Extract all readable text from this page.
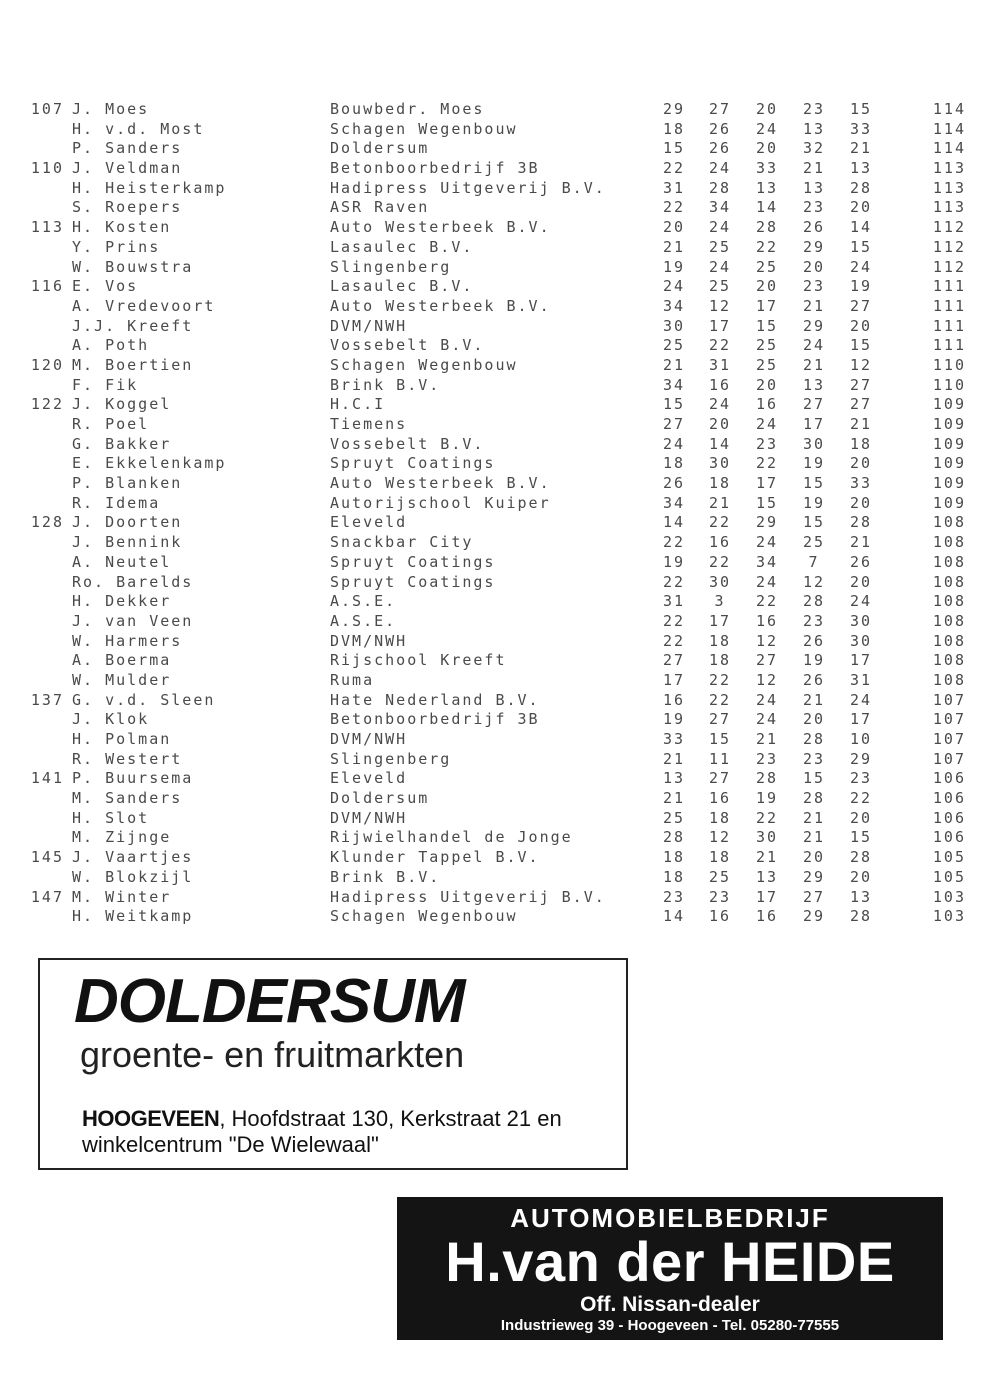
107 J. Moes	Bouwbedr. Moes	29	27	20	23	15	114
H. v.d. Most	Schagen Wegenbouw	18	26	24	13	33	114
P. Sanders	Doldersum	15	26	20	32	21	114
110 J. Veldman	Betonboorbedrijf 3B	22	24	33	21	13	113
H. Heisterkamp	Hadipress Uitgeverij B.V.	31	28	13	13	28	113
S. Roepers	ASR Raven	22	34	14	23	20	113
113 H. Kosten	Auto Westerbeek B.V.	20	24	28	26	14	112
Y. Prins	Lasaulec B.V.	21	25	22	29	15	112
W. Bouwstra	Slingenberg	19	24	25	20	24	112
116 E. Vos	Lasaulec B.V.	24	25	20	23	19	111
A. Vredevoort	Auto Westerbeek B.V.	34	12	17	21	27	111
J.J. Kreeft	DVM/NWH	30	17	15	29	20	111
A. Poth	Vossebelt B.V.	25	22	25	24	15	111
120 M. Boertien	Schagen Wegenbouw	21	31	25	21	12	110
F. Fik	Brink B.V.	34	16	20	13	27	110
122 J. Koggel	H.C.I	15	24	16	27	27	109
R. Poel	Tiemens	27	20	24	17	21	109
G. Bakker	Vossebelt B.V.	24	14	23	30	18	109
E. Ekkelenkamp	Spruyt Coatings	18	30	22	19	20	109
P. Blanken	Auto Westerbeek B.V.	26	18	17	15	33	109
R. Idema	Autorijschool Kuiper	34	21	15	19	20	109
128 J. Doorten	Eleveld	14	22	29	15	28	108
J. Bennink	Snackbar City	22	16	24	25	21	108
A. Neutel	Spruyt Coatings	19	22	34	7	26	108
Ro. Barelds	Spruyt Coatings	22	30	24	12	20	108
H. Dekker	A.S.E.	31	3	22	28	24	108
J. van Veen	A.S.E.	22	17	16	23	30	108
W. Harmers	DVM/NWH	22	18	12	26	30	108
A. Boerma	Rijschool Kreeft	27	18	27	19	17	108
W. Mulder	Ruma	17	22	12	26	31	108
137 G. v.d. Sleen	Hate Nederland B.V.	16	22	24	21	24	107
J. Klok	Betonboorbedrijf 3B	19	27	24	20	17	107
H. Polman	DVM/NWH	33	15	21	28	10	107
R. Westert	Slingenberg	21	11	23	23	29	107
141 P. Buursema	Eleveld	13	27	28	15	23	106
M. Sanders	Doldersum	21	16	19	28	22	106
H. Slot	DVM/NWH	25	18	22	21	20	106
M. Zijnge	Rijwielhandel de Jonge	28	12	30	21	15	106
145 J. Vaartjes	Klunder Tappel B.V.	18	18	21	20	28	105
W. Blokzijl	Brink B.V.	18	25	13	29	20	105
147 M. Winter	Hadipress Uitgeverij B.V.	23	23	17	27	13	103
H. Weitkamp	Schagen Wegenbouw	14	16	16	29	28	103
DOLDERSUM
groente- en fruitmarkten
HOOGEVEEN, Hoofdstraat 130, Kerkstraat 21 en
winkelcentrum "De Wielewaal"
AUTOMOBIELBEDRIJF
H.van der HEIDE
Off. Nissan-dealer
Industrieweg 39 - Hoogeveen - Tel. 05280-77555
